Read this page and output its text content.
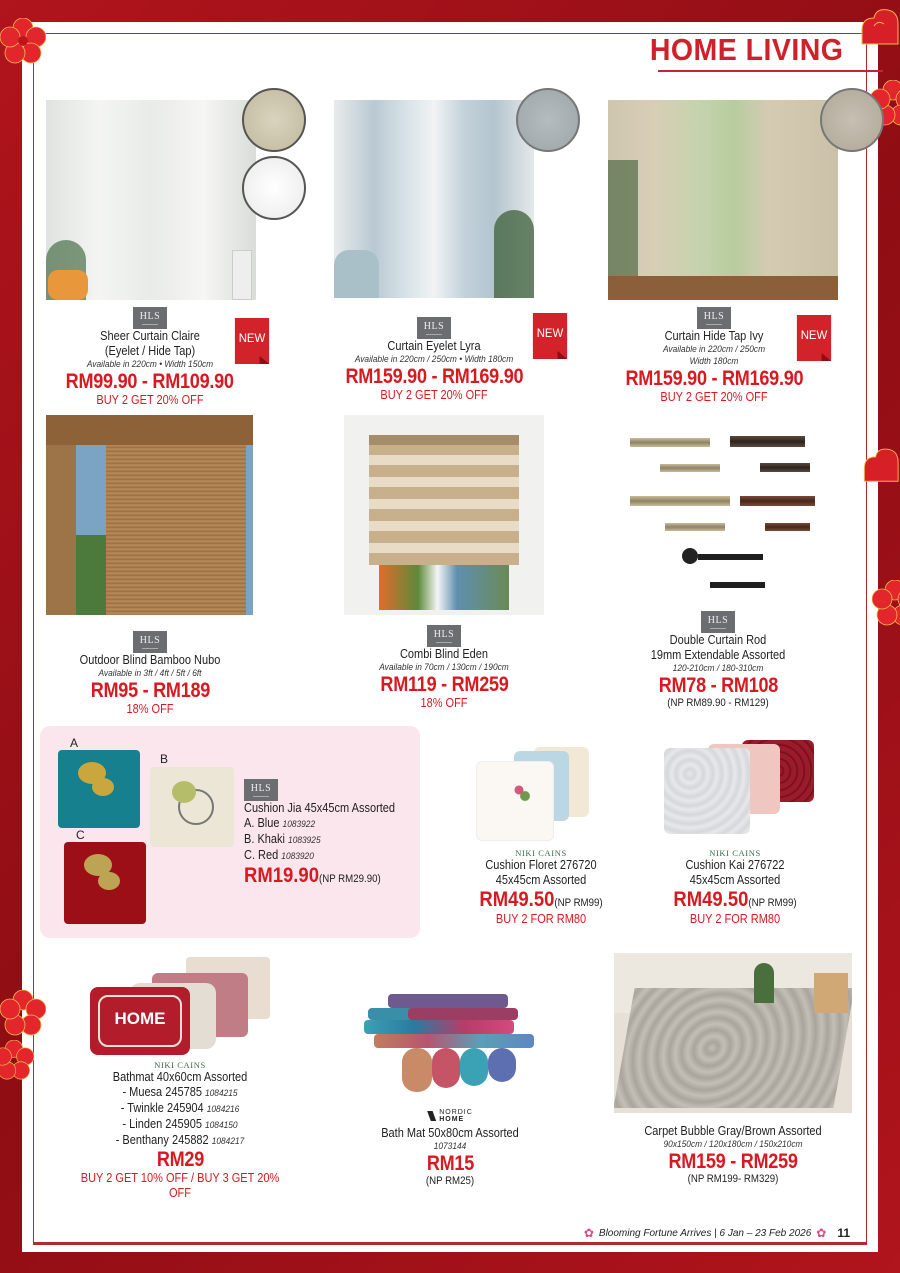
HOME LIVING
HLS
Sheer Curtain Claire
(Eyelet / Hide Tap)
Available in 220cm • Width 150cm
RM99.90 - RM109.90
BUY 2 GET 20% OFF
NEW
HLS
Curtain Eyelet Lyra
Available in 220cm / 250cm • Width 180cm
RM159.90 - RM169.90
BUY 2 GET 20% OFF
NEW
HLS
Curtain Hide Tap Ivy
Available in 220cm / 250cm
Width 180cm
RM159.90 - RM169.90
BUY 2 GET 20% OFF
NEW
HLS
Outdoor Blind Bamboo Nubo
Available in 3ft / 4ft / 5ft / 6ft
RM95 - RM189
18% OFF
HLS
Combi Blind Eden
Available in 70cm / 130cm / 190cm
RM119 - RM259
18% OFF
HLS
Double Curtain Rod
19mm Extendable Assorted
120-210cm / 180-310cm
RM78 - RM108
(NP RM89.90 - RM129)
A
B
C
HLS
Cushion Jia 45x45cm Assorted
A. Blue 1083922
B. Khaki 1083925
C. Red 1083920
RM19.90(NP RM29.90)
NIKI CAINS
Cushion Floret 276720
45x45cm Assorted
RM49.50(NP RM99)
BUY 2 FOR RM80
NIKI CAINS
Cushion Kai 276722
45x45cm Assorted
RM49.50(NP RM99)
BUY 2 FOR RM80
HOME
NIKI CAINS
Bathmat 40x60cm Assorted
- Muesa 245785 1084215
- Twinkle 245904 1084216
- Linden 245905 1084150
- Benthany 245882 1084217
RM29
BUY 2 GET 10% OFF / BUY 3 GET 20% OFF
NORDIC
HOME
Bath Mat 50x80cm Assorted
1073144
RM15
(NP RM25)
Carpet Bubble Gray/Brown Assorted
90x150cm / 120x180cm / 150x210cm
RM159 - RM259
(NP RM199- RM329)
✿ Blooming Fortune Arrives | 6 Jan – 23 Feb 2026 ✿ 11
